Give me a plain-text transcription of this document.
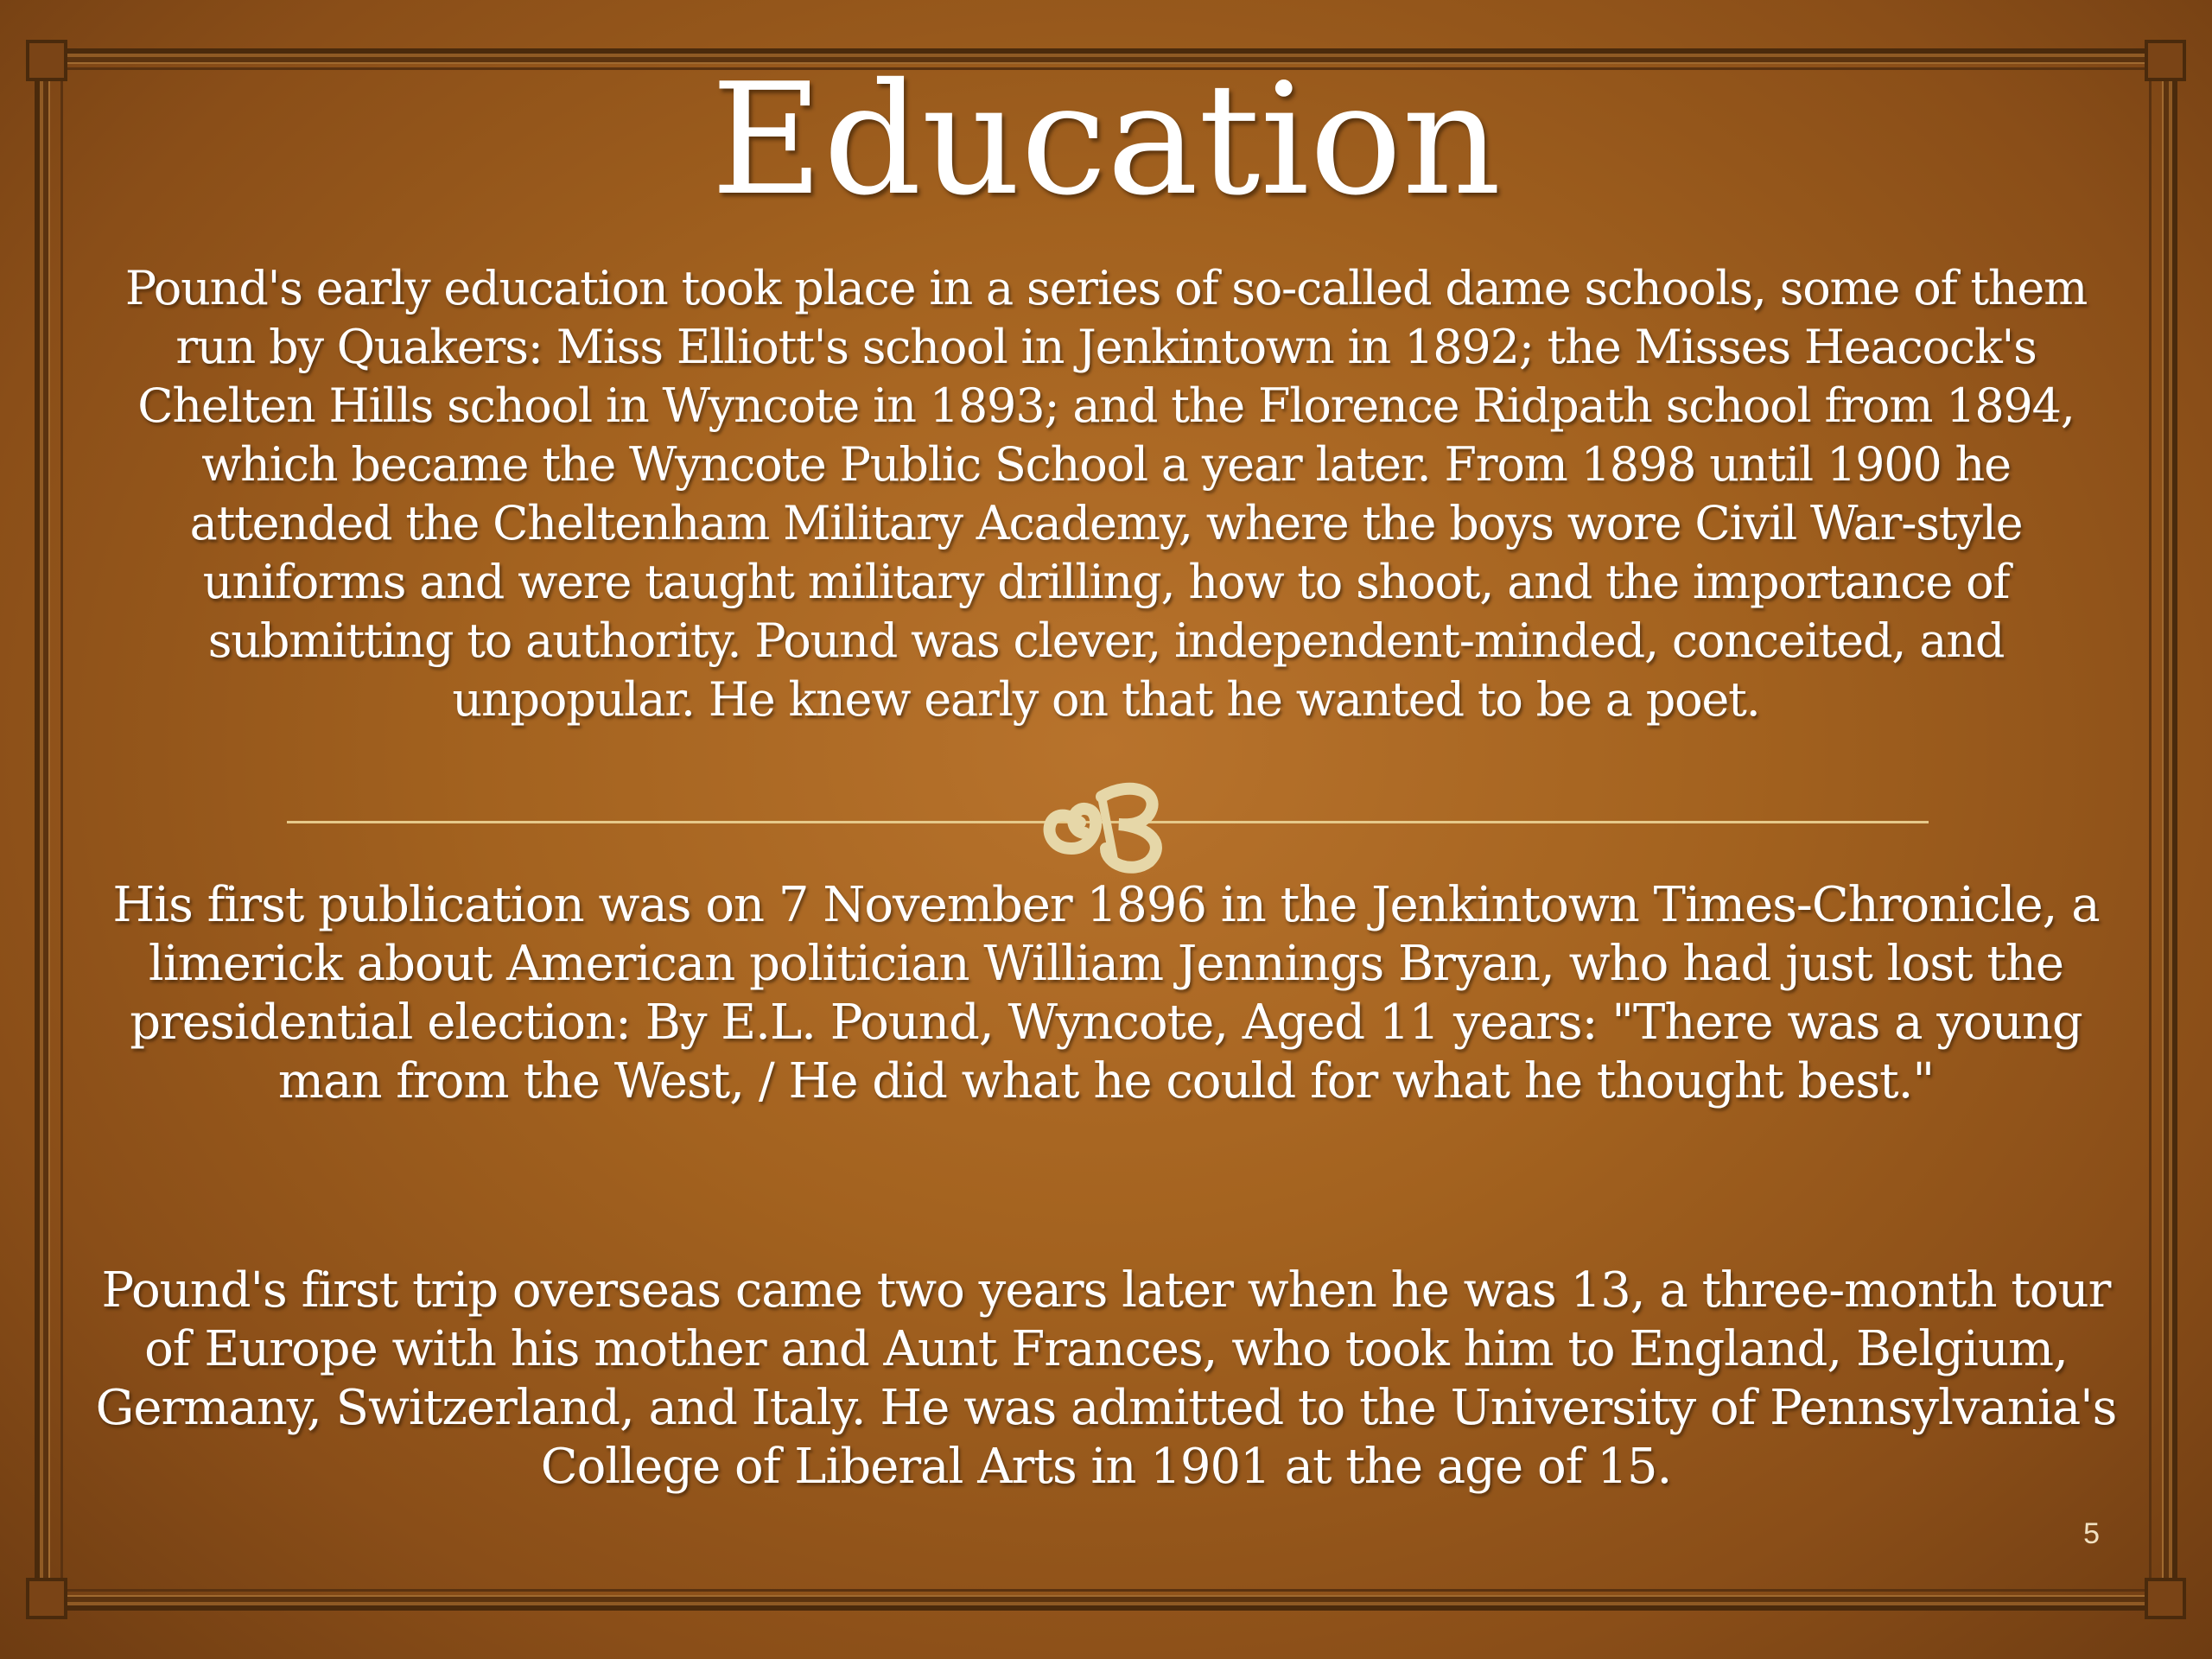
Education
Pound's early education took place in a series of so-called dame schools, some of them run by Quakers: Miss Elliott's school in Jenkintown in 1892; the Misses Heacock's Chelten Hills school in Wyncote in 1893; and the Florence Ridpath school from 1894, which became the Wyncote Public School a year later. From 1898 until 1900 he attended the Cheltenham Military Academy, where the boys wore Civil War-style uniforms and were taught military drilling, how to shoot, and the importance of submitting to authority. Pound was clever, independent-minded, conceited, and unpopular. He knew early on that he wanted to be a poet.
His first publication was on 7 November 1896 in the Jenkintown Times-Chronicle, a limerick about American politician William Jennings Bryan, who had just lost the presidential election: By E.L. Pound, Wyncote, Aged 11 years: "There was a young man from the West, / He did what he could for what he thought best."
Pound's first trip overseas came two years later when he was 13, a three-month tour of Europe with his mother and Aunt Frances, who took him to England, Belgium, Germany, Switzerland, and Italy. He was admitted to the University of Pennsylvania's College of Liberal Arts in 1901 at the age of 15.
5
